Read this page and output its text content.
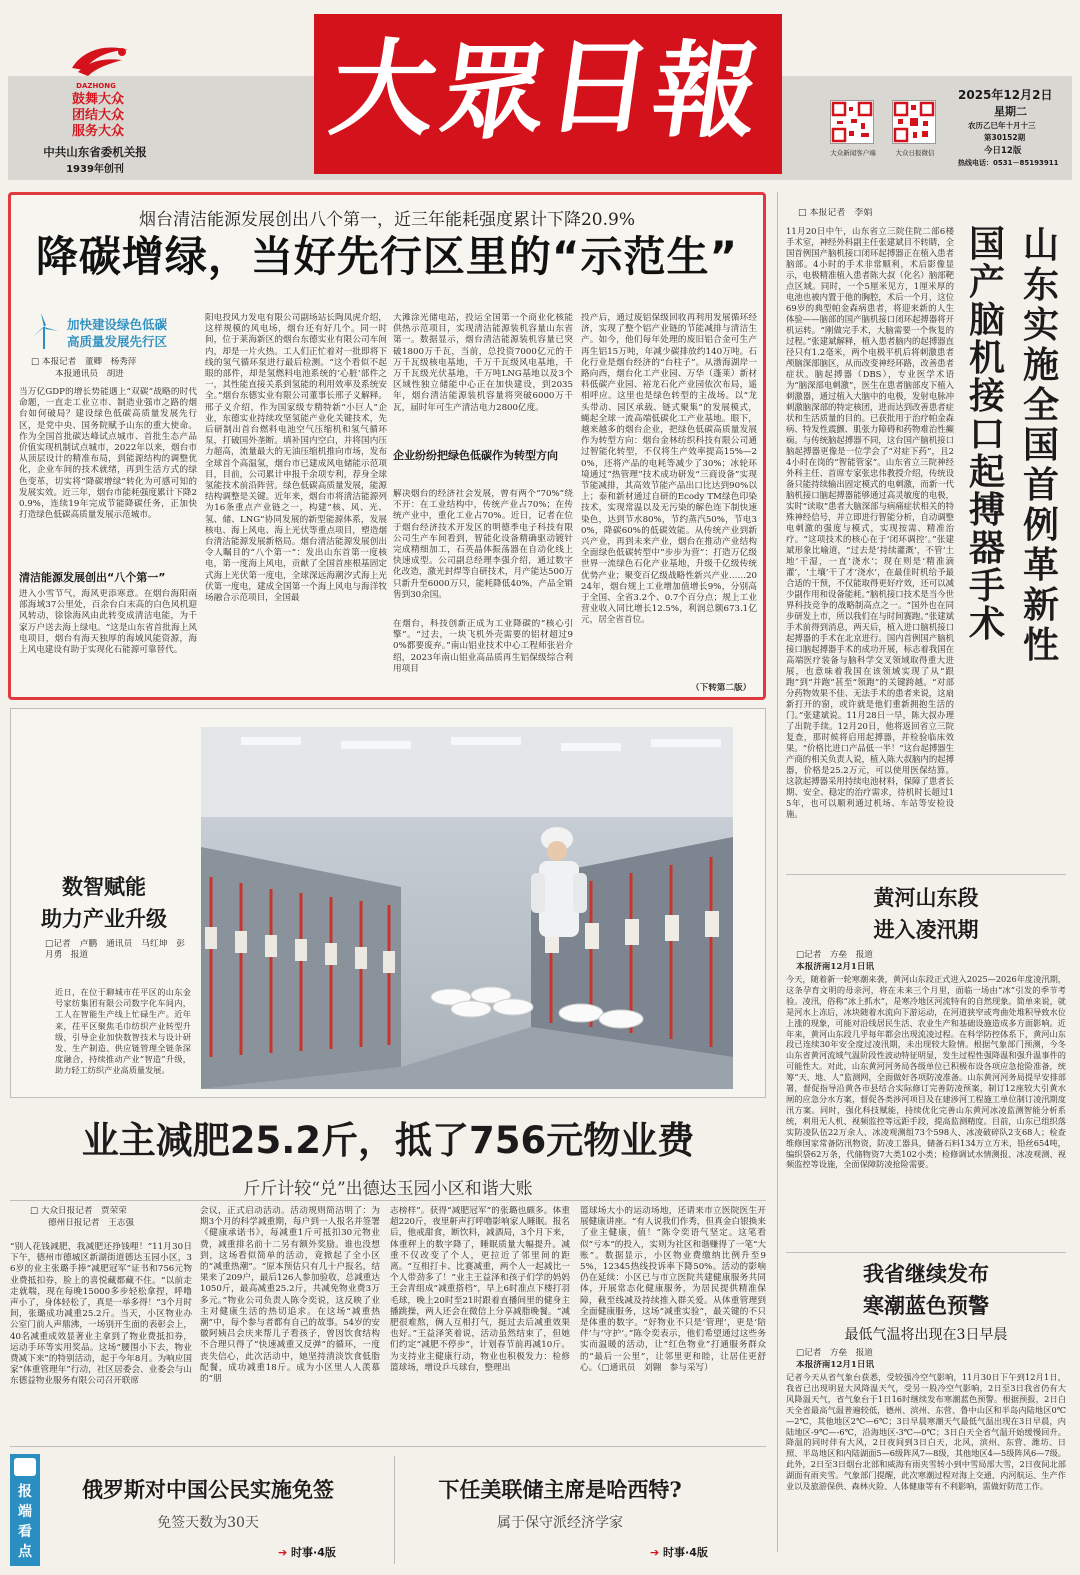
DAZHONG
鼓舞大众
团结大众
服务大众
中共山东省委机关报
1939年创刊
大
眾
日
報
大众新闻客户端	大众日报微信
2025年12月2日
星期二
农历乙巳年十月十三
第30152期
今日12版
热线电话：0531－85193911
烟台清洁能源发展创出八个第一，近三年能耗强度累计下降20.9%
降碳增绿，当好先行区里的“示范生”
加快建设绿色低碳
高质量发展先行区
□ 本报记者　董卿　杨秀萍
本报通讯员　胡进
当万亿GDP的增长势能遇上“双碳”战略的时代命题，一直走工业立市、制造业强市之路的烟台如何破局？建设绿色低碳高质量发展先行区，是党中央、国务院赋予山东的重大使命。作为全国首批碳达峰试点城市、首批生态产品价值实现机制试点城市，2022年以来，烟台市从顶层设计的精准布局，到能源结构的调整优化，企业车间的技术就绪，再到生活方式的绿色变革，切实将“降碳增绿”转化为可感可知的发展实效。近三年，烟台市能耗强度累计下降20.9%，连续19年完成节能降碳任务，正加快打造绿色低碳高质量发展示范城市。
清洁能源发展创出“八个第一”
进入小雪节气，海风更添寒意。在烟台海阳南部海域37公里处，百余台白末高的白色风机迎风转动，徐徐海风由此转变成清洁电能，为千家万户送去海上绿电。“这是山东省首批海上风电项目，烟台有海天独厚的海域风能资源，海上风电建设有助于实现化石能源可靠替代。
阳电投风力发电有限公司副场站长陶凤虎介绍，这样规模的风电场，烟台还有好几个。同一时间，位于莱海新区的烟台东德实业有限公司车间内，却是一片火热。工人们正忙着对一批即将下线的氢气循环泵进行最后检测。“这个看似不起眼的部件，却是氢燃料电池系统的‘心脏’部件之一，其性能直接关系到氢能的利用效率及系统安全。”烟台东德实业有限公司董事长邢子义解释。邢子义介绍，作为国家级专精特新“小巨人”企业，东德实业持续攻坚氢能产业化关键技术，先后研制出首台燃料电池空气压缩机和氢气循环泵，打破国外垄断。填补国内空白，并将国内压力超高，流量最大的无油压缩机推向市场，发布全球首个高温氢，烟台市已建成风电储能示范项目，目前，公司累计申报千余项专利，荐身全球氢能技术前沿阵营。绿色低碳高质量发展，能源结构调整是关键。近年来，烟台市将清洁能源列为16条重点产业链之一，构建“核、风、光、氢、储、LNG”协同发展的新型能源体系，发展核电、海上风电、海上光伏等重点项目，塑造烟台清洁能源发展新格局。烟台清洁能源发展创出令人瞩目的“八个第一”：发出山东首第一度核电，第一度海上风电，贡献了全国首座根基固定式海上光伏第一度电，全球深远海潮汐式海上光伏第一度电，建成全国第一个海上风电与海洋牧场融合示范项目，全国最
大滩涂光储电站，投运全国第一个商业化核能供热示范项目，实现清洁能源装机容量山东省第一。数据显示，烟台清洁能源装机容量已突破1800万千瓦，当前，总投资7000亿元的千万千瓦级核电基地，千万千瓦级风电基地，千万千瓦级光伏基地，千万吨LNG基地以及3个区域性独立储能中心正在加快建设，到2035年，烟台清洁能源装机容量将突破6000万千瓦，届时年可生产清洁电力2800亿度。
企业纷纷把绿色低碳作为转型方向
解决烟台的经济社会发展，曾有两个“70%”绕不开：在工业结构中，传统产业占70%；在传统产业中，重化工业占70%。近日，记者在位于烟台经济技术开发区的明德季电子科技有限公司生产车间看到，智能化设备精确驱动镀针完成精细加工，石英晶体振荡器在自动化线上快速成型。公司副总经理李强介绍，通过数字化改造，激光封焊等自研技术，月产能达500万只新升至6000万只，能耗降低40%，产品全销售到30余国。
在烟台，科技创新正成为工业降碳的“核心引擎”。“过去，一块飞机外壳需要的铝材超过90%都要废弃。”南山铝业技术中心工程师张岩介绍，2023年南山铝业高品质再生铝保级综合利用项目
投产后，通过废铝保级回收再利用发展循环经济，实现了整个铝产业链的节能减排与清洁生产。如今，他们每年处理的废旧铝合金可生产再生铝15万吨，年减少碳排放约140万吨。石化行业是烟台经济的“台柱子”。从渤海湖岸一路向西，烟台化工产业园、万华（蓬莱）新材料低碳产业园、裕龙石化产业园依次布局，遥相呼应。这里也是绿色转型的主战场。以“龙头带动、园区承载、链式聚集”的发展模式，蝇起全球一流高端低碳化工产业基地。眼下，越来越多的烟台企业，把绿色低碳高质量发展作为转型方向：烟台金林纺织科技有限公司通过智能化转型，不仅将生产效率提高15%—20%，还将产品的电耗等减少了30%；冰轮环境通过“热管理”技术成功研发“三商设备”实现节能减排，其高效节能产品出口比达到90%以上；泰和新材通过自研的Ecody TM绿色印染技术，实现常温以及无污染的解色连下制快速染色，达到节水80%，节约蒸汽50%，节电30%，降碳60%的低碳效能。从传统产业到新兴产业，再到未来产业，烟台在推动产业结构全面绿色低碳转型中“步步为营”：打造万亿级世界一流绿色石化产业基地，升级千亿级传统优势产业；聚变百亿级战略性新兴产业……2024年，烟台规上工业增加值增长9%，分别高于全国、全省3.2个、0.7个百分点；规上工业营业收入同比增长12.5%，利润总额673.1亿元，居全省首位。
（下转第二版）
□ 本报记者　李娟
11月20日中午，山东省立三院住院二部6楼手术室，神经外科副主任张建斌目不转睛，全国首例国产脑机接口闭环起搏器正在植入患者脑部。4小时的手术非常顺利，术后影像显示，电极精准植入患者陈大叔（化名）脑部靶点区域。同时，一个5厘米见方，1厘米厚的电池也被内置于他的胸腔，术后一个月，这位69岁的典型帕金森病患者，将迎来新的人生体验——脑部的国产脑机接口闭环起搏器将开机运转。“刚做完手术，大脑需要一个恢复的过程。”张建斌解释，植入患者脑内的起搏器直径只有1.2毫米，两个电极平机后将刺激患者颅脑深部脑区，从而改变神经环路，改善患者症状。脑起搏器（DBS），专业医学术语为“脑深部电刺激”，医生在患者脑部皮下植入刺激器，通过植入大脑中的电极，发射电脉冲刺激脑深部的特定核团，进而达到改善患者症状和生活质量的目的。已获批用于治疗帕金森病、特发性震颤、肌张力障碍和药物难治性癫痫。与传统脑起搏器不同，这台国产脑机接口脑起搏器更像是一位学会了“对症下药”，且24小时在岗的“智能管家”。山东省立三院神经外科主任、首席专家张忠伟教授介绍，传统设备只能持续输出固定模式的电刺激，而新一代脑机接口脑起搏器能够通过高灵敏度的电极，实时“读取”患者大脑深部与病痛症状相关的特殊神经信号，并立即进行智能分析，自动调整电刺激的强度与模式，实现按需、精准治疗。“这项技术的核心在于‘闭环调控’。”张建斌形象比喻道，“过去是‘持续灌溉’，不管‘土地’干湿，一直‘浇水’；现在则是‘精准滴灌’，‘土壤’干了才‘浇水’，在最佳时机给予最合适的干预，不仅能取得更好疗效，还可以减少副作用和设备能耗。”脑机接口技术是当今世界科技竞争的战略制高点之一。“国外也在同步研发上市，所以我们在与时间赛跑。”张建斌手术前得到消息，两天后，植入进口脑机接口起搏器的手术在北京进行。国内首例国产脑机接口脑起搏器手术的成功开展，标志着我国在高端医疗装备与脑科学交叉领域取得重大进展，也意味着我国在该领域实现了从“跟跑”到“并跑”甚至“领跑”的关键跨越。“对部分药物效果不佳、无法手术的患者来说，这扇新打开的窗，或许就是他们重新拥抱生活的门。”张建斌说。11月28日一早，陈大叔办理了出院手续。12月20日，他将返回省立三院复查，那时候将启用起搏器，并检验临床效果。“价格比进口产品低一半！”这台起搏器生产商的相关负责人说，植入陈大叔脑内的起搏器，价格是25.2万元，可以使用医保结算。这款起搏器采用持续电池材料，保障了患者长期、安全、稳定的治疗需求，待机时长超过15年，也可以顺利通过机场、车站等安检设施。
山
东
实
施
全
国
首
例
革
新
性
国
产
脑
机
接
口
起
搏
器
手
术
数智赋能
助力产业升级
□记者　卢鹏　通讯员　马红坤　彭月勇　报道
近日，在位于聊城市茌平区的山东金号家纺集团有限公司数字化车间内，工人在智能生产线上忙碌生产。近年来，茌平区聚焦毛巾纺织产业转型升级，引导企业加快数智技术与设计研发、生产制造、供应链管理全链条深度融合，持续推动产业“智造”升级，助力轻工纺织产业高质量发展。
黄河山东段
进入凌汛期
□记者　方垒　报道
本报济南12月1日讯
今天，随着新一轮寒潮来袭，黄河山东段正式进入2025—2026年度凌汛期，这条孕育文明的母亲河，将在未来三个月里，面临一场由“冰”引发的季节考验。凌汛，俗称“冰上抓水”，是寒冷地区河流特有的自然现象。简单来说，就是河水上冻后，冰块随着水流向下游运动，在河道狭窄或弯曲处堆积导致水位上涨的现象，可能对沿线居民生活、农业生产和基础设施造成多方面影响。近年来，黄河山东段几乎每年都会出现流凌过程。在科学防控体系下，黄河山东段已连续30年安全度过凌汛期，未出现较大险情。根据气象部门预测，今冬山东省黄河流域气温阶段性波动特征明显，发生过程性强降温和强升温事件的可能性大。对此，山东黄河河务局各级单位已积极布设各项应急抢险准备，统筹“天、地、人”监测网，全面做好各项防凌准备。山东黄河河务局提早安排部署，督促指导沿黄各市县结合实际修订完善防凌预案，制订12座较大引黄水闸的应急分水方案，督促各类涉河项目及在建涉河工程施工单位制订凌汛期度汛方案。同时，强化科技赋能，持续优化完善山东黄河冰凌监测智能分析系统，利用无人机、视频监控等远距手段，提高监测精度。目前，山东已组织落实防凌队伍22万余人、冰凌观测组73个598人、冰凌破碎队2支68人；检查维修国家常备防汛物资，防凌工器具，储备石料134万立方米，铅丝654吨，编织袋62万条，代储物资7大类102小类；检修调试水情测报、冰凌观测、视频监控等设施，全面保障防凌抢险需要。
我省继续发布
寒潮蓝色预警
最低气温将出现在3日早晨
□记者　方垒　报道
本报济南12月1日讯
记者今天从省气象台获悉，受较强冷空气影响，11月30日下午到12月1日，我省已出现明显大风降温天气，受另一股冷空气影响，2日至3日我省仍有大风降温天气，省气象台于1日16时继续发布寒潮蓝色预警。根据预报，2日白天全省最高气温普遍较低，德州、滨州、东营、鲁中山区和半岛内陆地区0℃—2℃，其他地区2℃—6℃；3日早晨寒潮天气最低气温出现在3日早晨，内陆地区-9℃—-6℃，沿海地区-3℃—0℃；3日白天全省气温开始缓慢回升。降温的同时伴有大风，2日夜间到3日白天，北风，滨州、东营、潍坊、日照、半岛地区和内陆湖面5—6级阵风7—8级，其他地区4—5级阵风6—7级。此外，2日至3日烟台北部和威海有雨夹雪转小到中雪局部大雪，2日夜间北部湖面有雨夹雪。气象部门提醒，此次寒潮过程对海上交通、内河航运、生产作业以及旅游保供、森林火险、人体健康等有不利影响，需做好防范工作。
业主减肥25.2斤，抵了756元物业费
斤斤计较“兑”出德达玉园小区和谐大账
□ 大众日报记者　贾荣荣
德州日报记者　王志强
“别人花钱减肥，我减肥还挣钱哩！”11月30日下午，德州市德城区新湖街道德达玉园小区，36岁的业主张璐手捧“减肥冠军”证书和756元物业费抵扣券，脸上的喜悦藏都藏不住。“以前走走就喘，现在每晚15000多步轻松拿捏，呼噜声小了，身体轻松了，真是一举多得！”3个月时间，张璐成功减重25.2斤。当天，小区物业办公室门前人声鼎沸，一场别开生面的表彰会上，40名减重成效显著业主拿到了物业费抵扣券，运动手环等实用奖品。这场“腰围小下去，物业费减下来”的特别活动，起于今年8月。为响应国家“体重管理年”行动，社区居委会、业委会与山东德益物业服务有限公司召开联席
会议，正式启动活动。活动规则简洁明了：为期3个月的科学减重期，每户到一人报名并签署《健康承诺书》，每减重1斤可抵扣30元物业费，减重排名前十二另有额外奖励。谁也没想到，这场看似简单的活动，竟掀起了全小区的“减重热潮”。“原本预估只有几十户报名，结果来了209户，最后126人参加验收，总减重达1050斤，最高减重25.2斤，共减免物业费3万多元。”物业公司负责人陈令奕说，这反映了业主对健康生活的热切追求。在这场“减重热潮”中，每个参与者都有自己的故事。54岁的安徽阿姨吕会庆来帮儿子看孩子，曾因饮食结构不合理只得了“快速减重又反弹”的循环，一度丧失信心，此次活动中，她坚持清淡饮食低脂配餐，成功减重18斤。成为小区里人人羡慕的“朋
志榜样”。获得“减肥冠军”的张璐也颇多。体重超220斤，夜里鼾声打呼噜影响家人睡眠。报名后，他戒甜食，断饮料，减酒局，3个月下来，体重秤上的数字降了，睡眠质量大幅提升。减重不仅改变了个人，更拉近了邻里间的距离。“互相打卡、比赛减重，两个人一起减比一个人带劲多了！”业主王益泽和孩子们学的妈妈王会青组成“减重搭档”，早上6时准点下楼打羽毛球，晚上20时至21时跟着直播间里的健身主播跳操，两人还会在微信上分享减脂晚餐。“减肥很难熬，俩人互相打气，挺过去后减重效果也好。”王益泽笑着说，活动虽然结束了，但她们约定“减肥不停步”，计划春节前再减10斤。为支持业主健康行动，物业也积极发力：检修篮球场，增设乒乓球台，整理出
篮球场大小的运动场地，还请来市立医院医生开展健康讲座。“有人说我们作秀，但真金白银换来了业主健康，值！”陈令奕语气坚定。这笔看似“亏本”的投入，实则为社区和谐赚得了一笔“大账”。数据显示，小区物业费缴纳比例升至95%，12345热线投诉率下降50%。活动的影响仍在延续：小区已与市立医院共建健康服务共同体，开展常态化健康服务，为居民提供精准保障，截至线减及持续推入群关爱。从体重管理到全面健康服务，这场“减重实验”，最关键的不只是体重的数字。“好物业不只是‘管理’，更是‘陪伴’与‘守护’。”陈令奕表示，他们希望通过这些务实而温暖的活动，让“红色物业”打通服务群众的“最后一公里”，让邻里更和睦，让居住更舒心。（□通讯员　刘翱　参与采写）
报
端
看
点
俄罗斯对中国公民实施免签
免签天数为30天
➔ 时事·4版
下任美联储主席是哈西特?
属于保守派经济学家
➔ 时事·4版
